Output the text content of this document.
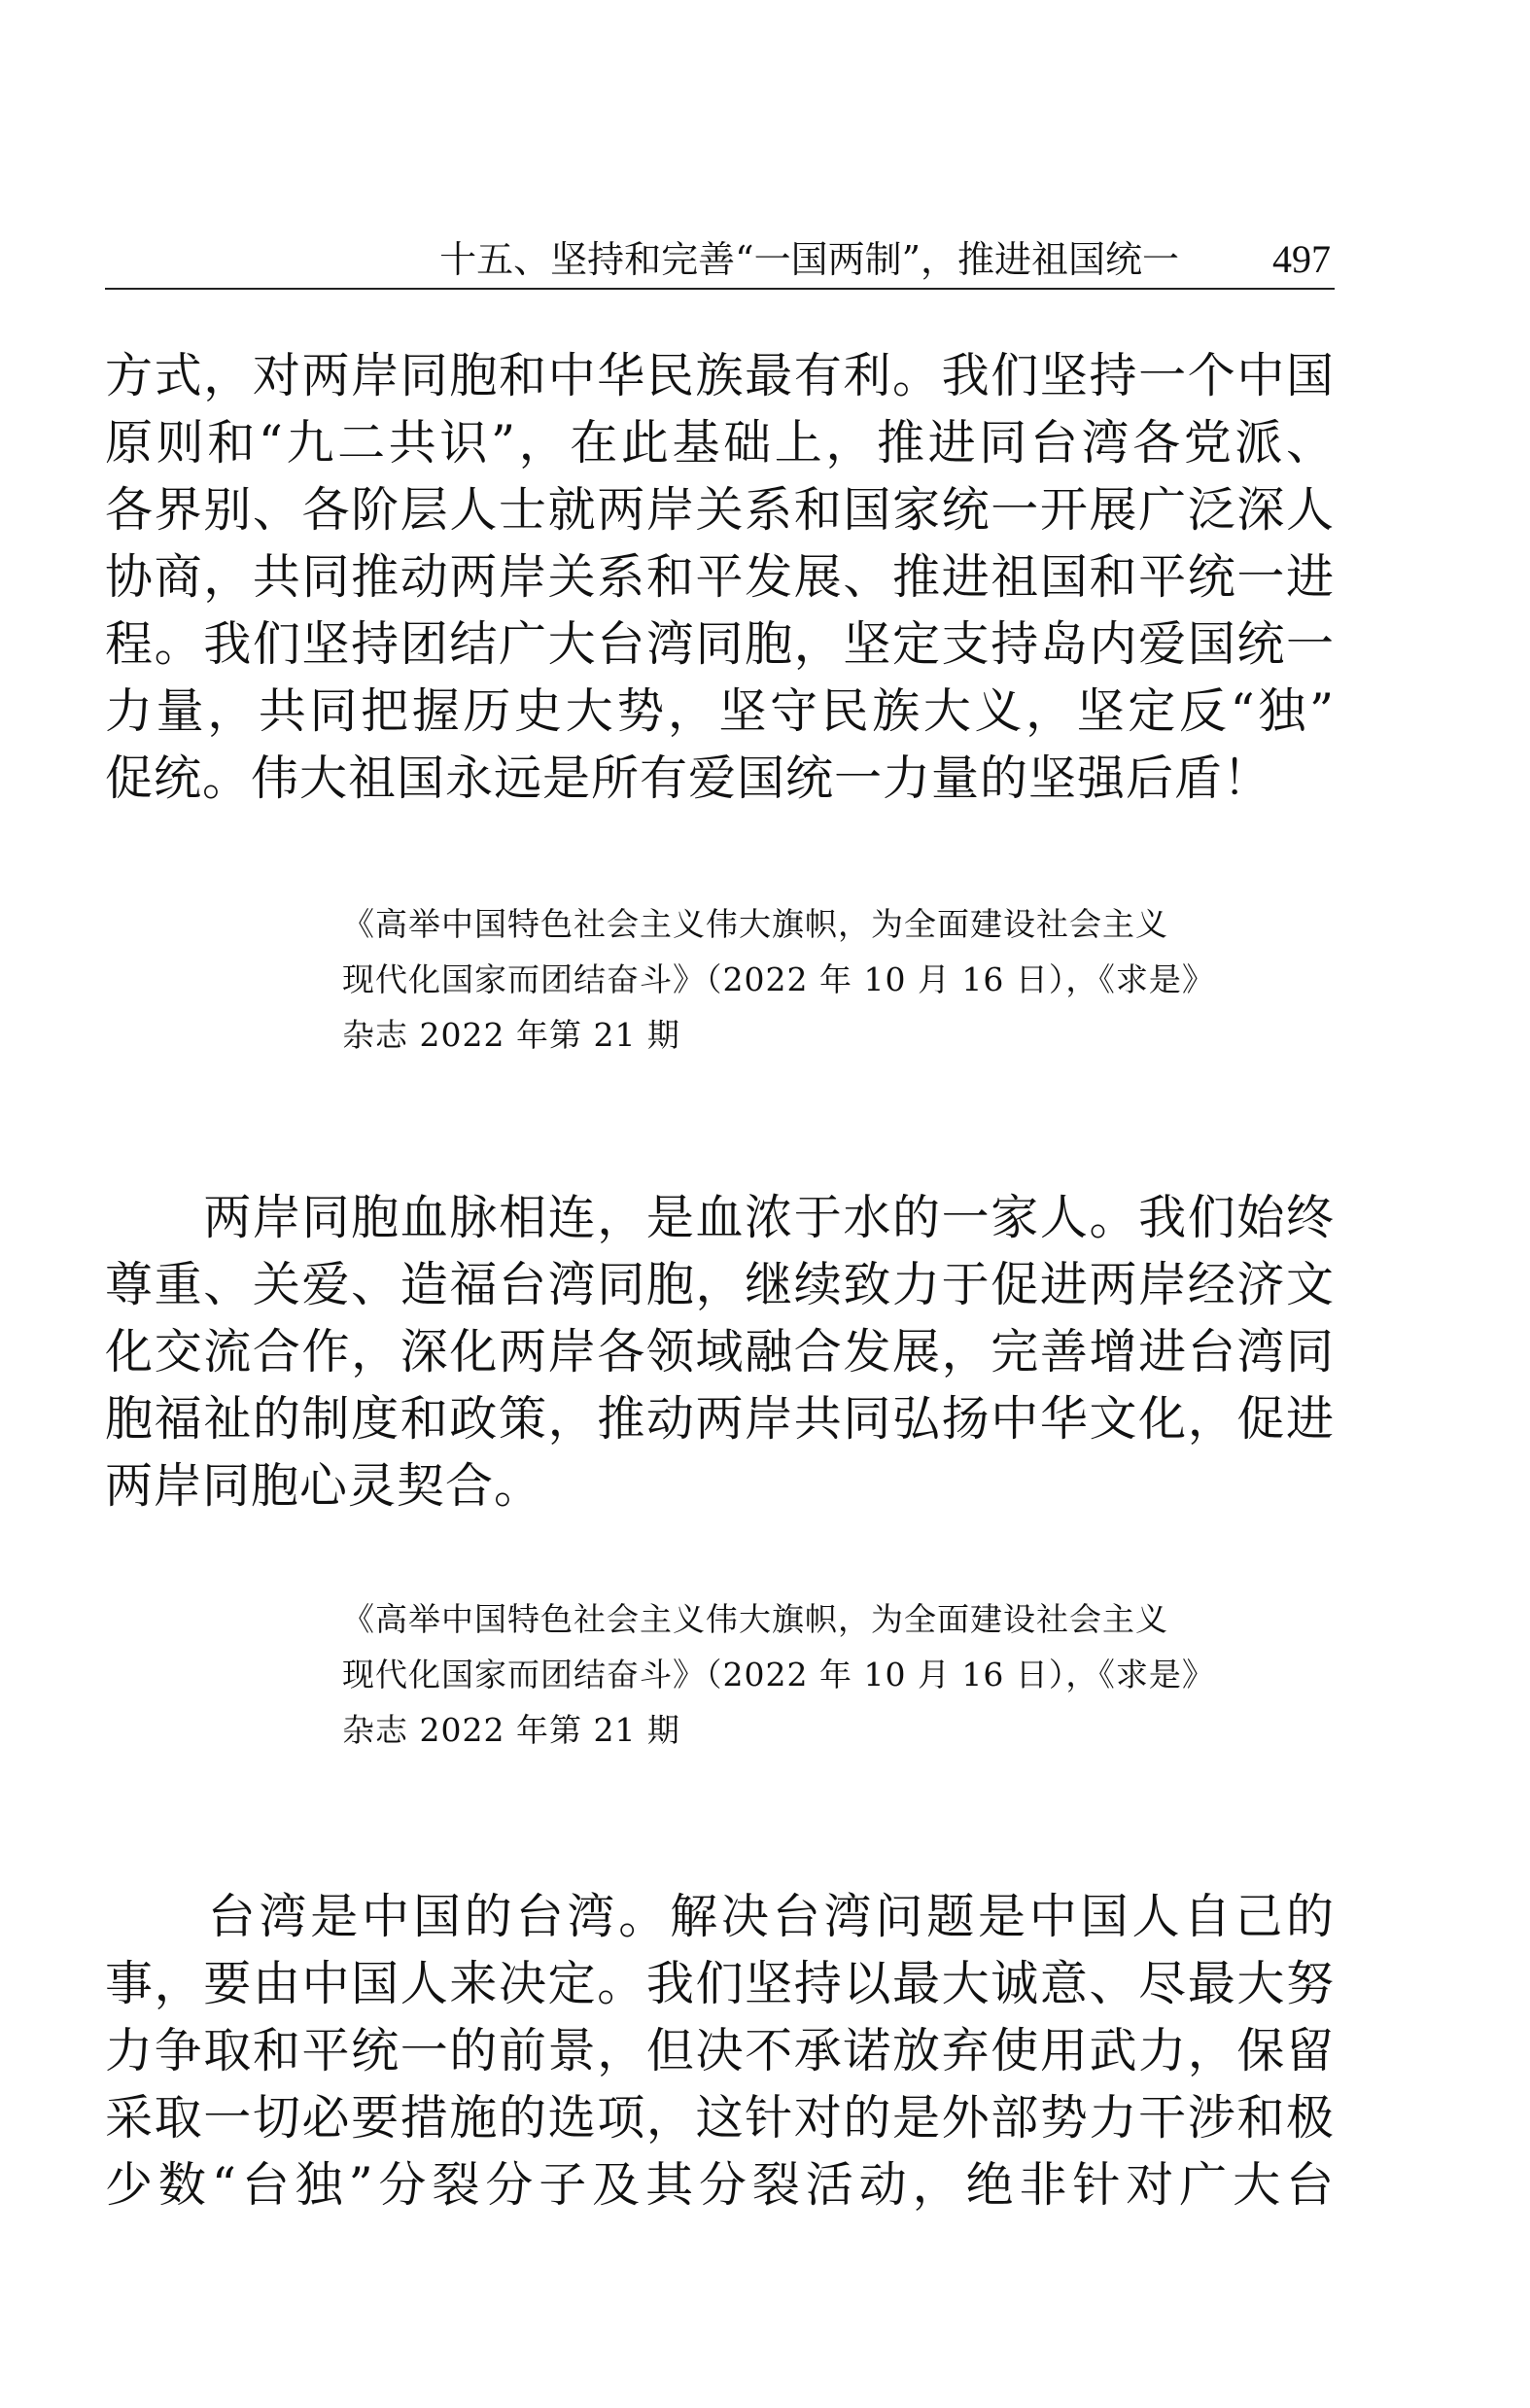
十五、坚持和完善“一国两制”，推进祖国统一 497
方式，对两岸同胞和中华民族最有利。我们坚持一个中国
原则和“九二共识”，在此基础上，推进同台湾各党派、
各界别、各阶层人士就两岸关系和国家统一开展广泛深人
协商，共同推动两岸关系和平发展、推进祖国和平统一进
程。我们坚持团结广大台湾同胞，坚定支持岛内爱国统一
力量，共同把握历史大势，坚守民族大义，坚定反“独”
促统。伟大祖国永远是所有爱国统一力量的坚强后盾！
《高举中国特色社会主义伟大旗帜，为全面建设社会主义
现代化国家而团结奋斗》（2022 年 10 月 16 日），《求是》
杂志 2022 年第 21 期
　　两岸同胞血脉相连，是血浓于水的一家人。我们始终
尊重、关爱、造福台湾同胞，继续致力于促进两岸经济文
化交流合作，深化两岸各领域融合发展，完善增进台湾同
胞福祉的制度和政策，推动两岸共同弘扬中华文化，促进
两岸同胞心灵契合。
《高举中国特色社会主义伟大旗帜，为全面建设社会主义
现代化国家而团结奋斗》（2022 年 10 月 16 日），《求是》
杂志 2022 年第 21 期
　　台湾是中国的台湾。解决台湾问题是中国人自己的
事，要由中国人来决定。我们坚持以最大诚意、尽最大努
力争取和平统一的前景，但决不承诺放弃使用武力，保留
采取一切必要措施的选项，这针对的是外部势力干涉和极
少数“台独”分裂分子及其分裂活动，绝非针对广大台
